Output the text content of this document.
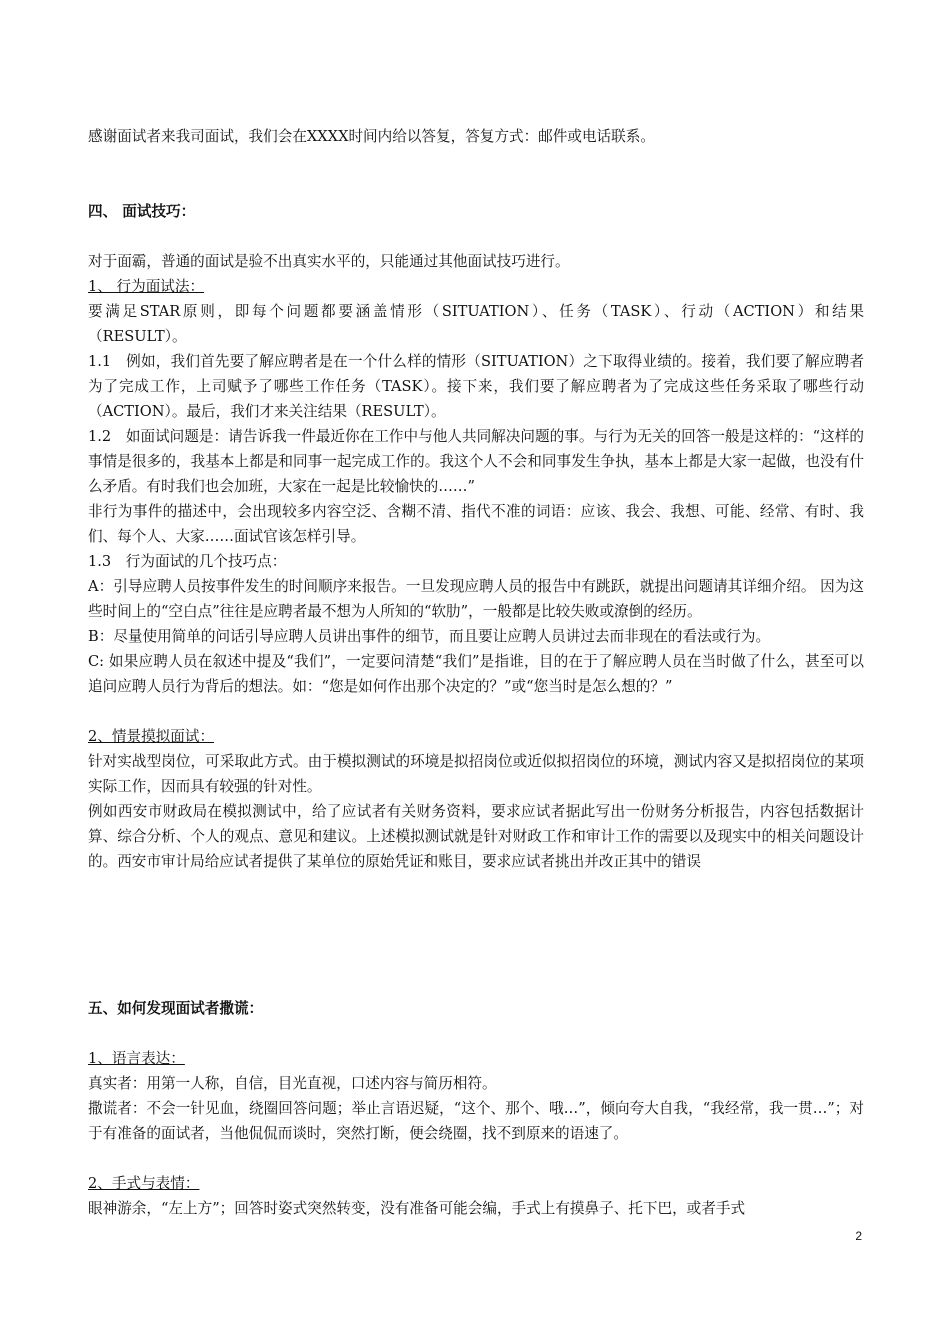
感谢面试者来我司面试，我们会在XXXX时间内给以答复，答复方式：邮件或电话联系。

四、 面试技巧：

对于面霸，普通的面试是验不出真实水平的，只能通过其他面试技巧进行。

1、 行为面试法：

要满足STAR原则，即每个问题都要涵盖情形（SITUATION）、任务（TASK）、行动（ACTION）和结果（RESULT）。

1.1　例如，我们首先要了解应聘者是在一个什么样的情形（SITUATION）之下取得业绩的。接着，我们要了解应聘者为了完成工作，上司赋予了哪些工作任务（TASK）。接下来，我们要了解应聘者为了完成这些任务采取了哪些行动（ACTION）。最后，我们才来关注结果（RESULT）。

1.2　如面试问题是：请告诉我一件最近你在工作中与他人共同解决问题的事。与行为无关的回答一般是这样的：“这样的事情是很多的，我基本上都是和同事一起完成工作的。我这个人不会和同事发生争执，基本上都是大家一起做，也没有什么矛盾。有时我们也会加班，大家在一起是比较愉快的……”

非行为事件的描述中，会出现较多内容空泛、含糊不清、指代不准的词语：应该、我会、我想、可能、经常、有时、我们、每个人、大家……面试官该怎样引导。

1.3　行为面试的几个技巧点：

A：引导应聘人员按事件发生的时间顺序来报告。一旦发现应聘人员的报告中有跳跃，就提出问题请其详细介绍。 因为这些时间上的“空白点”往往是应聘者最不想为人所知的“软肋”，一般都是比较失败或潦倒的经历。

B：尽量使用简单的问话引导应聘人员讲出事件的细节，而且要让应聘人员讲过去而非现在的看法或行为。

C: 如果应聘人员在叙述中提及“我们”，一定要问清楚“我们”是指谁，目的在于了解应聘人员在当时做了什么，甚至可以追问应聘人员行为背后的想法。如：“您是如何作出那个决定的？”或“您当时是怎么想的？”

2、情景摸拟面试：

针对实战型岗位，可采取此方式。由于模拟测试的环境是拟招岗位或近似拟招岗位的环境，测试内容又是拟招岗位的某项实际工作，因而具有较强的针对性。

例如西安市财政局在模拟测试中，给了应试者有关财务资料，要求应试者据此写出一份财务分析报告，内容包括数据计算、综合分析、个人的观点、意见和建议。上述模拟测试就是针对财政工作和审计工作的需要以及现实中的相关问题设计的。西安市审计局给应试者提供了某单位的原始凭证和账目，要求应试者挑出并改正其中的错误

五、如何发现面试者撒谎：

1、语言表达：

真实者：用第一人称，自信，目光直视，口述内容与简历相符。

撒谎者：不会一针见血，绕圈回答问题；举止言语迟疑，“这个、那个、哦…”，倾向夸大自我，“我经常，我一贯…”；对于有准备的面试者，当他侃侃而谈时，突然打断，便会绕圈，找不到原来的语速了。

2、手式与表情：

眼神游余，“左上方”；回答时姿式突然转变，没有准备可能会编，手式上有摸鼻子、托下巴，或者手式

2
